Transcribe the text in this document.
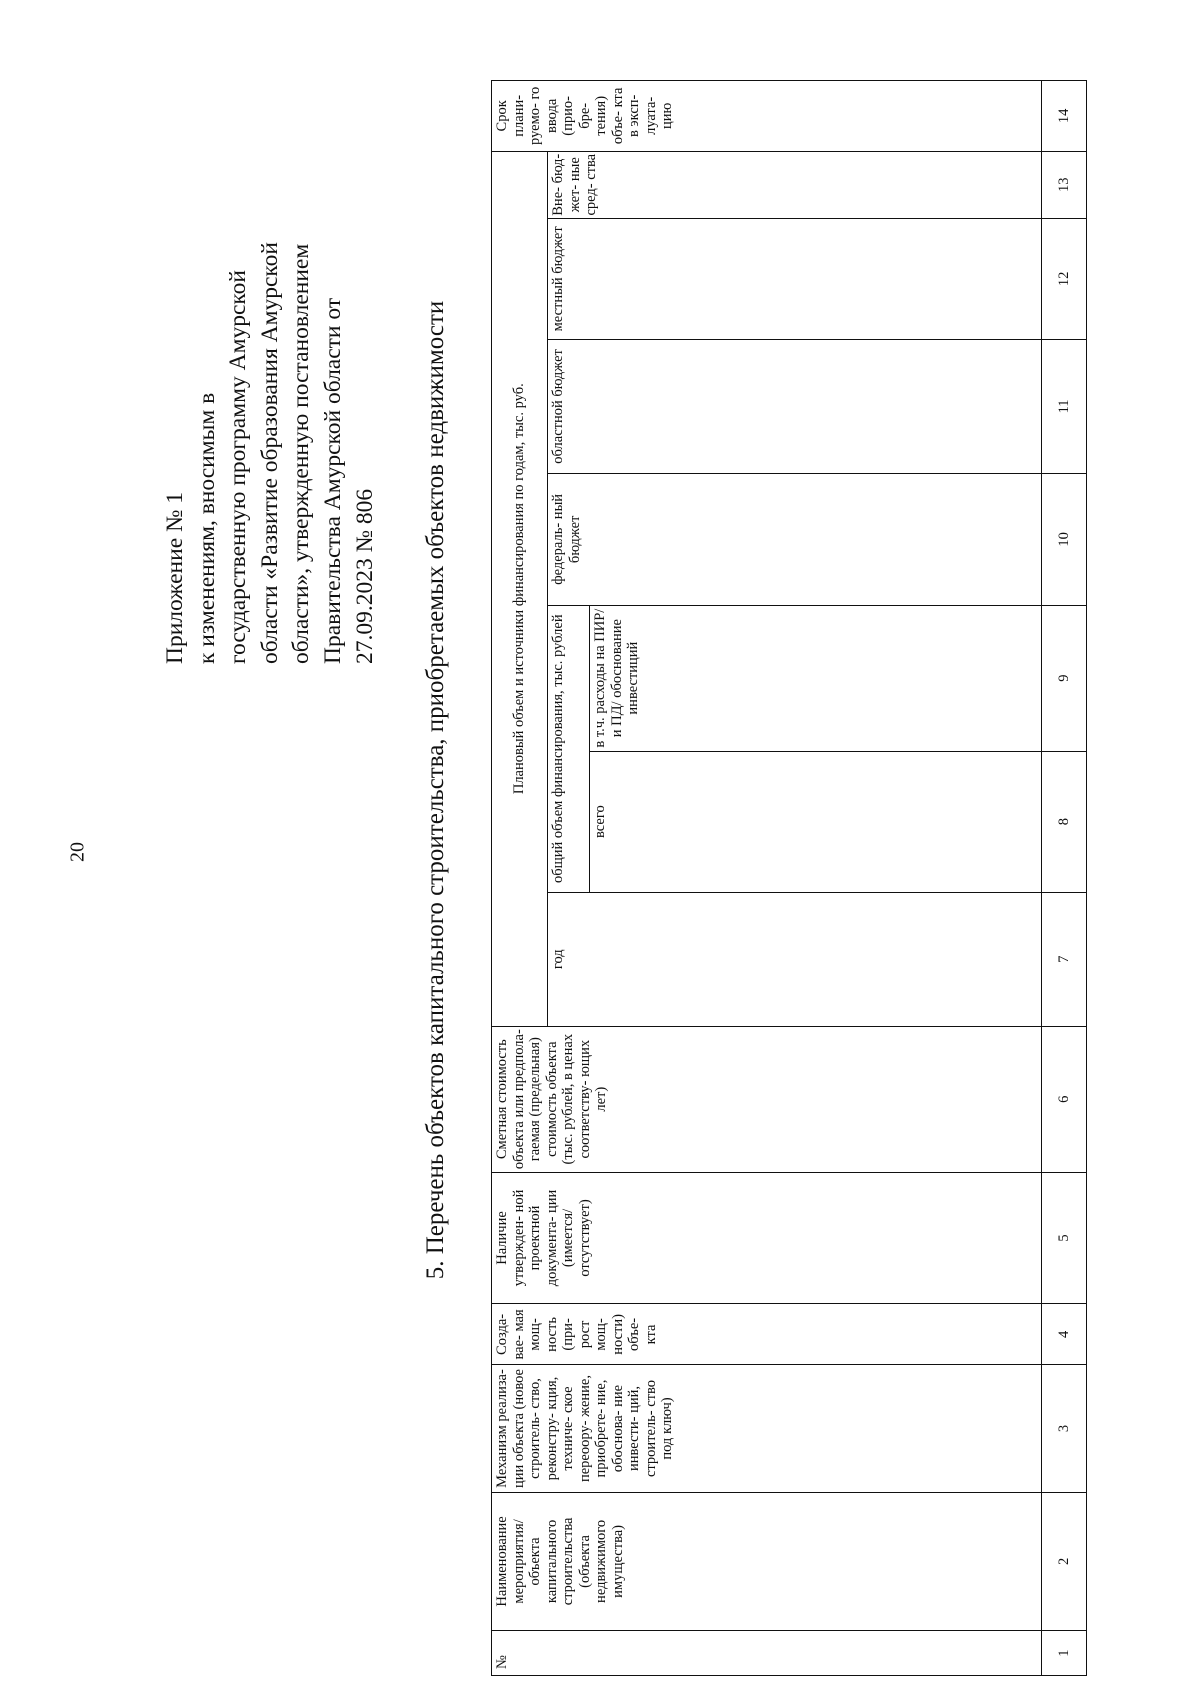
20
Приложение № 1 к изменениям, вносимым в государственную программу Амурской области «Развитие образования Амурской области», утвержденную постановлением Правительства Амурской области от 27.09.2023 № 806 5. Перечень объектов капитального строительства, приобретаемых объектов недвижимости
№	Наименование мероприятия/ объекта капитального строительства (объекта недвижимого имущества)	Механизм реализа- ции объекта (новое строитель- ство, реконстру- кция, техниче- ское переоору- жение, приобрете- ние, обоснова- ние инвести- ций, строитель- ство под ключ)	Созда- вае- мая мощ- ность (при- рост мощ- ности) объе- кта	Наличие утвержден- ной проектной документа- ции (имеется/ отсутствует)	Сметная стоимость объекта или предпола- гаемая (предельная) стоимость объекта (тыс. рублей, в ценах соответству- ющих лет)	Плановый объем и источники финансирования по годам, тыс. руб.							Срок плани- руемо- го ввода (прио- бре- тения) объе- кта в эксп- луата- цию

						год	общий объем финансирования, тыс. рублей		федераль- ный бюджет	областной бюджет	местный бюджет	Вне- бюд- жет- ные сред- ства	

							всего	в т.ч. расходы на ПИР/и ПД/ обоснование инвестиций					

1	2	3	4	5	6	7	8	9	10	11	12	13	14
